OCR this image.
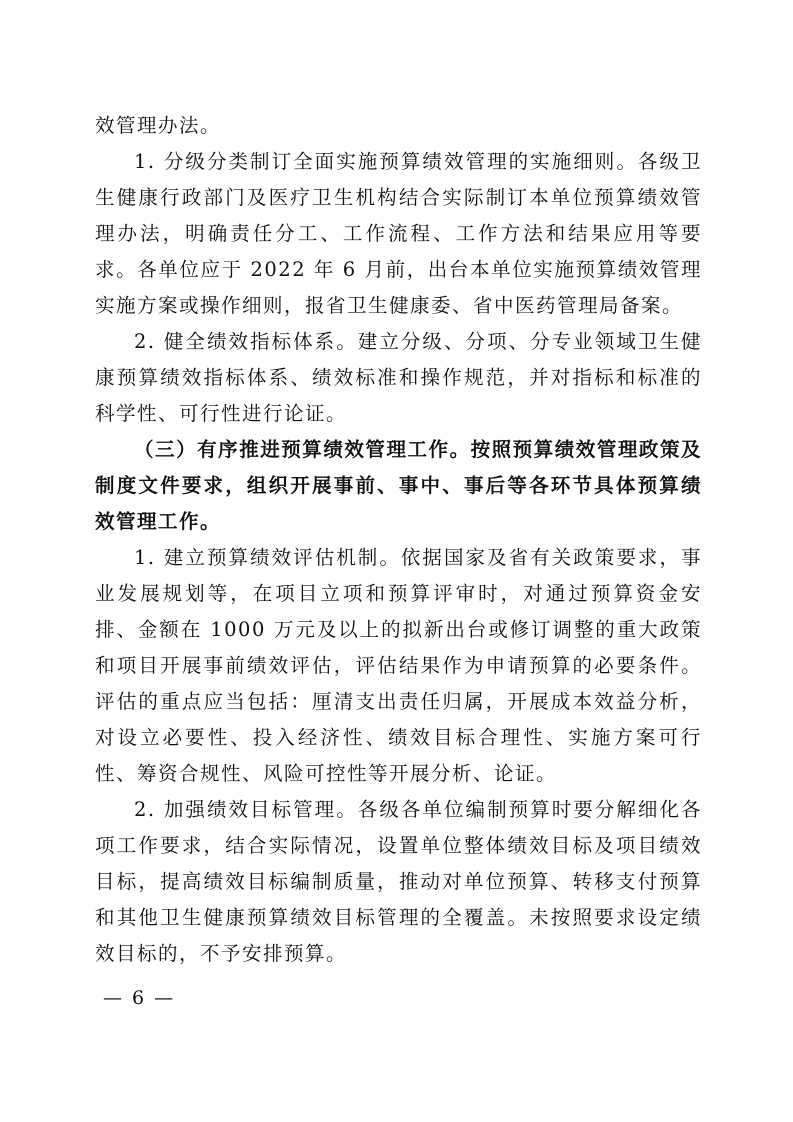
效管理办法。

1. 分级分类制订全面实施预算绩效管理的实施细则。各级卫生健康行政部门及医疗卫生机构结合实际制订本单位预算绩效管理办法，明确责任分工、工作流程、工作方法和结果应用等要求。各单位应于 2022 年 6 月前，出台本单位实施预算绩效管理实施方案或操作细则，报省卫生健康委、省中医药管理局备案。

2. 健全绩效指标体系。建立分级、分项、分专业领域卫生健康预算绩效指标体系、绩效标准和操作规范，并对指标和标准的科学性、可行性进行论证。

（三）有序推进预算绩效管理工作。按照预算绩效管理政策及制度文件要求，组织开展事前、事中、事后等各环节具体预算绩效管理工作。

1. 建立预算绩效评估机制。依据国家及省有关政策要求，事业发展规划等，在项目立项和预算评审时，对通过预算资金安排、金额在 1000 万元及以上的拟新出台或修订调整的重大政策和项目开展事前绩效评估，评估结果作为申请预算的必要条件。评估的重点应当包括：厘清支出责任归属，开展成本效益分析，对设立必要性、投入经济性、绩效目标合理性、实施方案可行性、筹资合规性、风险可控性等开展分析、论证。

2. 加强绩效目标管理。各级各单位编制预算时要分解细化各项工作要求，结合实际情况，设置单位整体绩效目标及项目绩效目标，提高绩效目标编制质量，推动对单位预算、转移支付预算和其他卫生健康预算绩效目标管理的全覆盖。未按照要求设定绩效目标的，不予安排预算。

— 6 —
